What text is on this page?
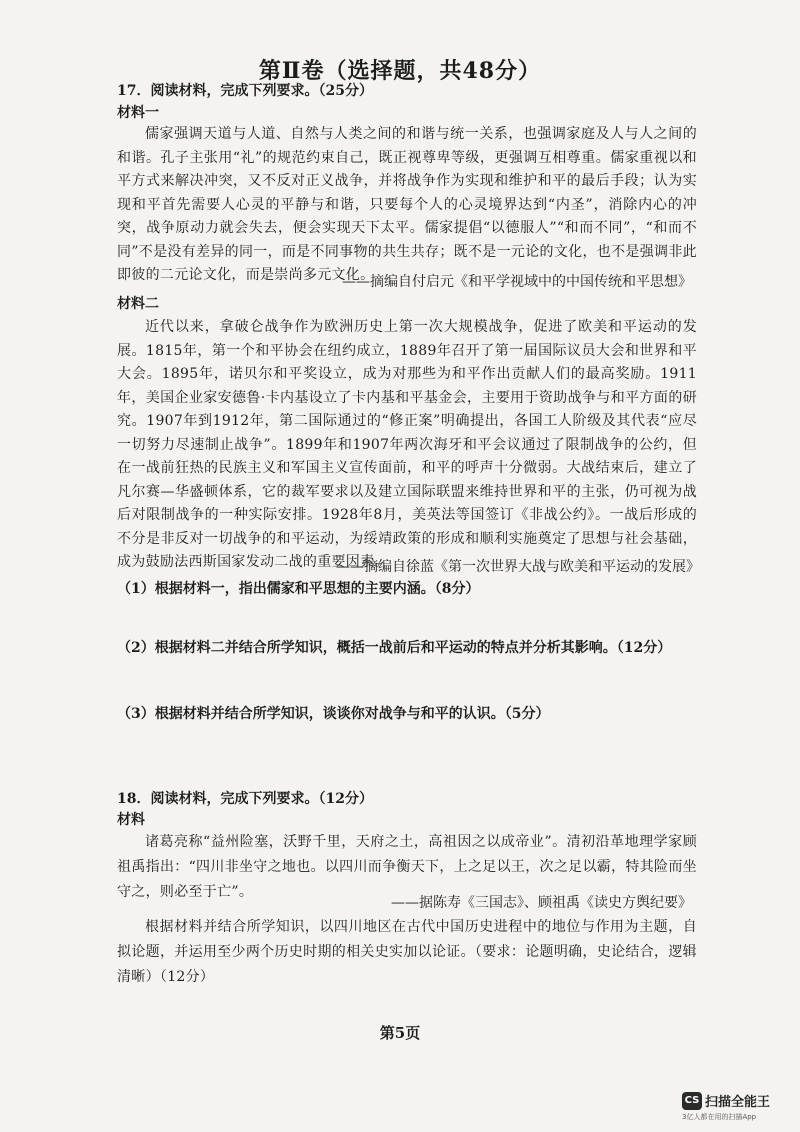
第Ⅱ卷（选择题，共48分）
17．阅读材料，完成下列要求。（25分）
材料一

儒家强调天道与人道、自然与人类之间的和谐与统一关系，也强调家庭及人与人之间的和谐。孔子主张用“礼”的规范约束自己，既正视尊卑等级，更强调互相尊重。儒家重视以和平方式来解决冲突，又不反对正义战争，并将战争作为实现和维护和平的最后手段；认为实现和平首先需要人心灵的平静与和谐，只要每个人的心灵境界达到“内圣”，消除内心的冲突，战争原动力就会失去，便会实现天下太平。儒家提倡“以德服人”“和而不同”，“和而不同”不是没有差异的同一，而是不同事物的共生共存；既不是一元论的文化，也不是强调非此即彼的二元论文化，而是崇尚多元文化。

——摘编自付启元《和平学视域中的中国传统和平思想》
材料二

近代以来，拿破仑战争作为欧洲历史上第一次大规模战争，促进了欧美和平运动的发展。1815年，第一个和平协会在纽约成立，1889年召开了第一届国际议员大会和世界和平大会。1895年，诺贝尔和平奖设立，成为对那些为和平作出贡献人们的最高奖励。1911年，美国企业家安德鲁·卡内基设立了卡内基和平基金会，主要用于资助战争与和平方面的研究。1907年到1912年，第二国际通过的“修正案”明确提出，各国工人阶级及其代表“应尽一切努力尽速制止战争”。1899年和1907年两次海牙和平会议通过了限制战争的公约，但在一战前狂热的民族主义和军国主义宣传面前，和平的呼声十分微弱。大战结束后，建立了凡尔赛—华盛顿体系，它的裁军要求以及建立国际联盟来维持世界和平的主张，仍可视为战后对限制战争的一种实际安排。1928年8月，美英法等国签订《非战公约》。一战后形成的不分是非反对一切战争的和平运动，为绥靖政策的形成和顺利实施奠定了思想与社会基础，成为鼓励法西斯国家发动二战的重要因素。

——摘编自徐蓝《第一次世界大战与欧美和平运动的发展》
（1）根据材料一，指出儒家和平思想的主要内涵。（8分）
（2）根据材料二并结合所学知识，概括一战前后和平运动的特点并分析其影响。（12分）
（3）根据材料并结合所学知识，谈谈你对战争与和平的认识。（5分）
18．阅读材料，完成下列要求。（12分）
材料

诸葛亮称“益州险塞，沃野千里，天府之土，高祖因之以成帝业”。清初沿革地理学家顾祖禹指出：“四川非坐守之地也。以四川而争衡天下，上之足以王，次之足以霸，特其险而坐守之，则必至于亡”。

——据陈寿《三国志》、顾祖禹《读史方舆纪要》

根据材料并结合所学知识，以四川地区在古代中国历史进程中的地位与作用为主题，自拟论题，并运用至少两个历史时期的相关史实加以论证。（要求：论题明确，史论结合，逻辑清晰）（12分）

第5页
CS 扫描全能王
3亿人都在用的扫描App
